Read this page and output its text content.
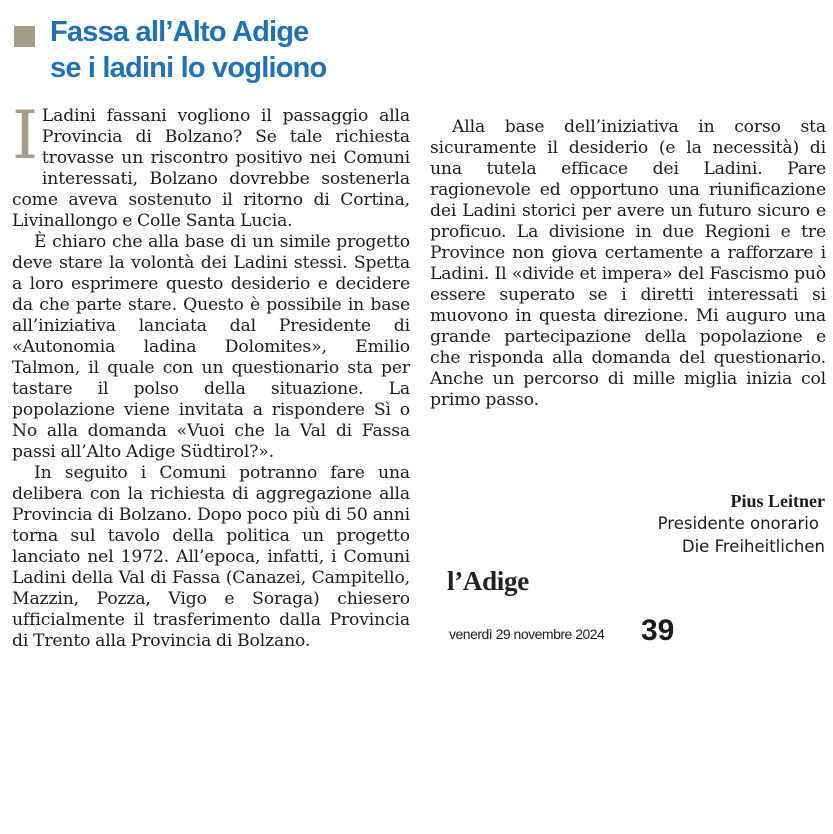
Fassa all’Alto Adige
se i ladini lo vogliono

I Ladini fassani vogliono il passaggio alla Provincia di Bolzano? Se tale richiesta trovasse un riscontro positivo nei Comuni interessati, Bolzano dovrebbe sostenerla come aveva sostenuto il ritorno di Cortina, Livinallongo e Colle Santa Lucia.

È chiaro che alla base di un simile progetto deve stare la volontà dei Ladini stessi. Spetta a loro esprimere questo desiderio e decidere da che parte stare. Questo è possibile in base all’iniziativa lanciata dal Presidente di «Autonomia ladina Dolomites», Emilio Talmon, il quale con un questionario sta per tastare il polso della situazione. La popolazione viene invitata a rispondere Sì o No alla domanda «Vuoi che la Val di Fassa passi all’Alto Adige Südtirol?».

In seguito i Comuni potranno fare una delibera con la richiesta di aggregazione alla Provincia di Bolzano. Dopo poco più di 50 anni torna sul tavolo della politica un progetto lanciato nel 1972. All’epoca, infatti, i Comuni Ladini della Val di Fassa (Canazei, Campitello, Mazzin, Pozza, Vigo e Soraga) chiesero ufficialmente il trasferimento dalla Provincia di Trento alla Provincia di Bolzano.

Alla base dell’iniziativa in corso sta sicuramente il desiderio (e la necessità) di una tutela efficace dei Ladini. Pare ragionevole ed opportuno una riunificazione dei Ladini storici per avere un futuro sicuro e proficuo. La divisione in due Regioni e tre Province non giova certamente a rafforzare i Ladini. Il «divide et impera» del Fascismo può essere superato se i diretti interessati si muovono in questa direzione. Mi auguro una grande partecipazione della popolazione e che risponda alla domanda del questionario. Anche un percorso di mille miglia inizia col primo passo.

Pius Leitner
Presidente onorario
Die Freiheitlichen
l’Adige
venerdì 29 novembre 2024 39
